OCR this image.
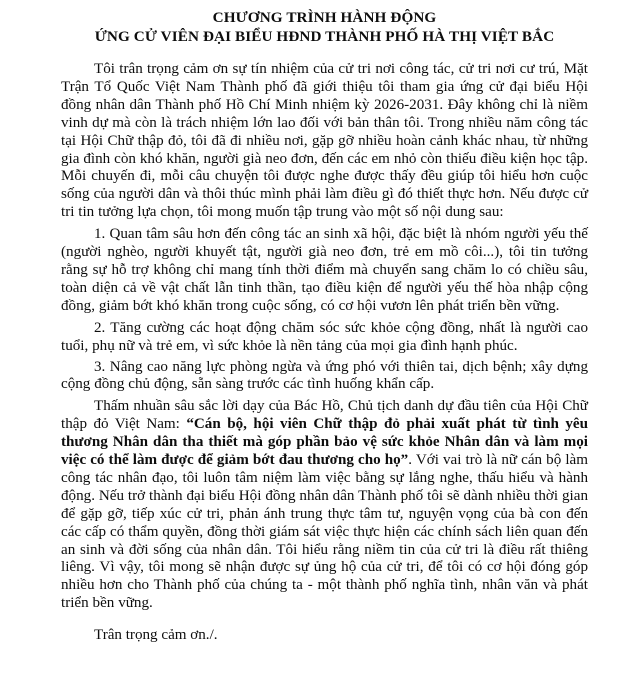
CHƯƠNG TRÌNH HÀNH ĐỘNG
ỨNG CỬ VIÊN ĐẠI BIỂU HĐND THÀNH PHỐ HÀ THỊ VIỆT BẮC

Tôi trân trọng cảm ơn sự tín nhiệm của cử tri nơi công tác, cử tri nơi cư trú, Mặt Trận Tổ Quốc Việt Nam Thành phố đã giới thiệu tôi tham gia ứng cử đại biểu Hội đồng nhân dân Thành phố Hồ Chí Minh nhiệm kỳ 2026-2031. Đây không chỉ là niềm vinh dự mà còn là trách nhiệm lớn lao đối với bản thân tôi. Trong nhiều năm công tác tại Hội Chữ thập đỏ, tôi đã đi nhiều nơi, gặp gỡ nhiều hoàn cảnh khác nhau, từ những gia đình còn khó khăn, người già neo đơn, đến các em nhỏ còn thiếu điều kiện học tập. Mỗi chuyến đi, mỗi câu chuyện tôi được nghe được thấy đều giúp tôi hiểu hơn cuộc sống của người dân và thôi thúc mình phải làm điều gì đó thiết thực hơn. Nếu được cử tri tin tưởng lựa chọn, tôi mong muốn tập trung vào một số nội dung sau:

1. Quan tâm sâu hơn đến công tác an sinh xã hội, đặc biệt là nhóm người yếu thế (người nghèo, người khuyết tật, người già neo đơn, trẻ em mồ côi...), tôi tin tưởng rằng sự hỗ trợ không chỉ mang tính thời điểm mà chuyển sang chăm lo có chiều sâu, toàn diện cả về vật chất lẫn tinh thần, tạo điều kiện để người yếu thế hòa nhập cộng đồng, giảm bớt khó khăn trong cuộc sống, có cơ hội vươn lên phát triển bền vững.

2. Tăng cường các hoạt động chăm sóc sức khỏe cộng đồng, nhất là người cao tuổi, phụ nữ và trẻ em, vì sức khỏe là nền tảng của mọi gia đình hạnh phúc.

3. Nâng cao năng lực phòng ngừa và ứng phó với thiên tai, dịch bệnh; xây dựng cộng đồng chủ động, sẵn sàng trước các tình huống khẩn cấp.

Thấm nhuần sâu sắc lời dạy của Bác Hồ, Chủ tịch danh dự đầu tiên của Hội Chữ thập đỏ Việt Nam: “Cán bộ, hội viên Chữ thập đỏ phải xuất phát từ tình yêu thương Nhân dân tha thiết mà góp phần bảo vệ sức khỏe Nhân dân và làm mọi việc có thể làm được để giảm bớt đau thương cho họ”. Với vai trò là nữ cán bộ làm công tác nhân đạo, tôi luôn tâm niệm làm việc bằng sự lắng nghe, thấu hiểu và hành động. Nếu trở thành đại biểu Hội đồng nhân dân Thành phố tôi sẽ dành nhiều thời gian để gặp gỡ, tiếp xúc cử tri, phản ánh trung thực tâm tư, nguyện vọng của bà con đến các cấp có thẩm quyền, đồng thời giám sát việc thực hiện các chính sách liên quan đến an sinh và đời sống của nhân dân. Tôi hiểu rằng niềm tin của cử tri là điều rất thiêng liêng. Vì vậy, tôi mong sẽ nhận được sự ủng hộ của cử tri, để tôi có cơ hội đóng góp nhiều hơn cho Thành phố của chúng ta - một thành phố nghĩa tình, nhân văn và phát triển bền vững.

Trân trọng cảm ơn./.
